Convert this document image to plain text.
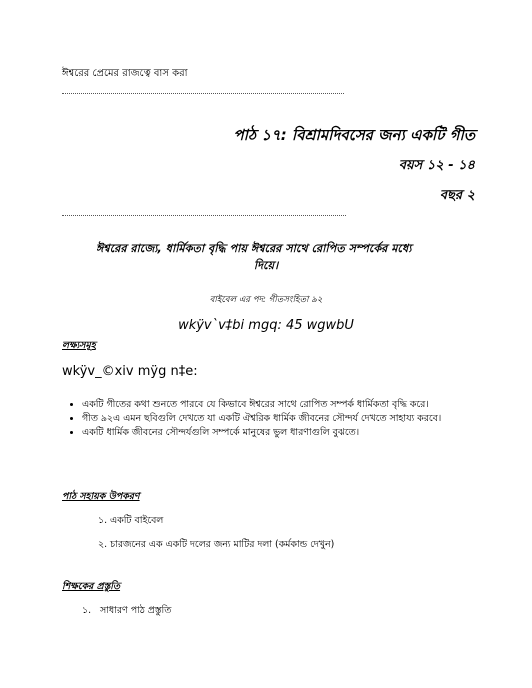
ঈশ্বরের প্রেমের রাজত্বে বাস করা
পাঠ ১৭: বিশ্রামদিবসের জন্য একটি গীত
বয়স ১২ - ১৪
বছর ২
ঈশ্বরের রাজ্যে, ধার্মিকতা বৃদ্ধি পায় ঈশ্বরের সাথে রোপিত সম্পর্কের মধ্যে
দিয়ে।
বাইবেল এর পদ: গীতসংহিতা ৯২
wkÿv`v‡bi mgq: 45 wgwbU
লক্ষ্যসমূহ
wkÿv_©xiv mÿg n‡e:
• একটি গীতের কথা শুনতে পারবে যে কিভাবে ঈশ্বরের সাথে রোপিত সম্পর্ক ধার্মিকতা বৃদ্ধি করে।
• গীত ৯২এ এমন ছবিগুলি দেখতে যা একটি ঐশ্বরিক ধার্মিক জীবনের সৌন্দর্য দেখতে সাহায্য করবে।
• একটি ধার্মিক জীবনের সৌন্দর্যগুলি সম্পর্কে মানুষের ভুল ধারণাগুলি বুঝতে।
পাঠ সহায়ক উপকরণ
১. একটি বাইবেল
২. চারজনের এক একটি দলের জন্য মাটির দলা (কর্মকান্ড দেখুন)
শিক্ষকের প্রস্তুতি
১.   সাধারণ পাঠ প্রস্তুতি
